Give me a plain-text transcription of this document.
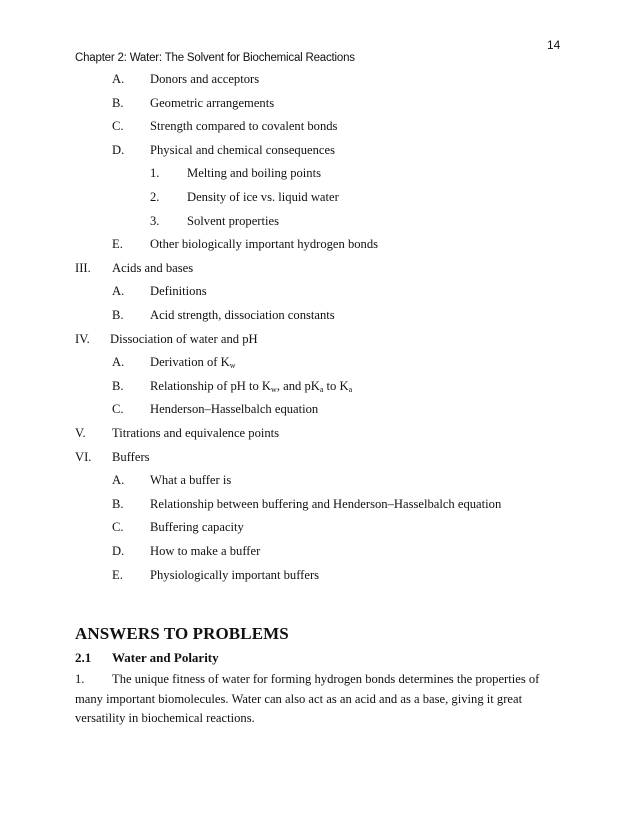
14
Chapter 2: Water: The Solvent for Biochemical Reactions
A. Donors and acceptors
B. Geometric arrangements
C. Strength compared to covalent bonds
D. Physical and chemical consequences
1. Melting and boiling points
2. Density of ice vs. liquid water
3. Solvent properties
E. Other biologically important hydrogen bonds
III. Acids and bases
A. Definitions
B. Acid strength, dissociation constants
IV. Dissociation of water and pH
A. Derivation of $K_w$
B. Relationship of pH to $K_w$, and $pK_a$ to $K_a$
C. Henderson–Hasselbalch equation
V. Titrations and equivalence points
VI. Buffers
A. What a buffer is
B. Relationship between buffering and Henderson–Hasselbalch equation
C. Buffering capacity
D. How to make a buffer
E. Physiologically important buffers
ANSWERS TO PROBLEMS
2.1 Water and Polarity
1. The unique fitness of water for forming hydrogen bonds determines the properties of many important biomolecules. Water can also act as an acid and as a base, giving it great versatility in biochemical reactions.
